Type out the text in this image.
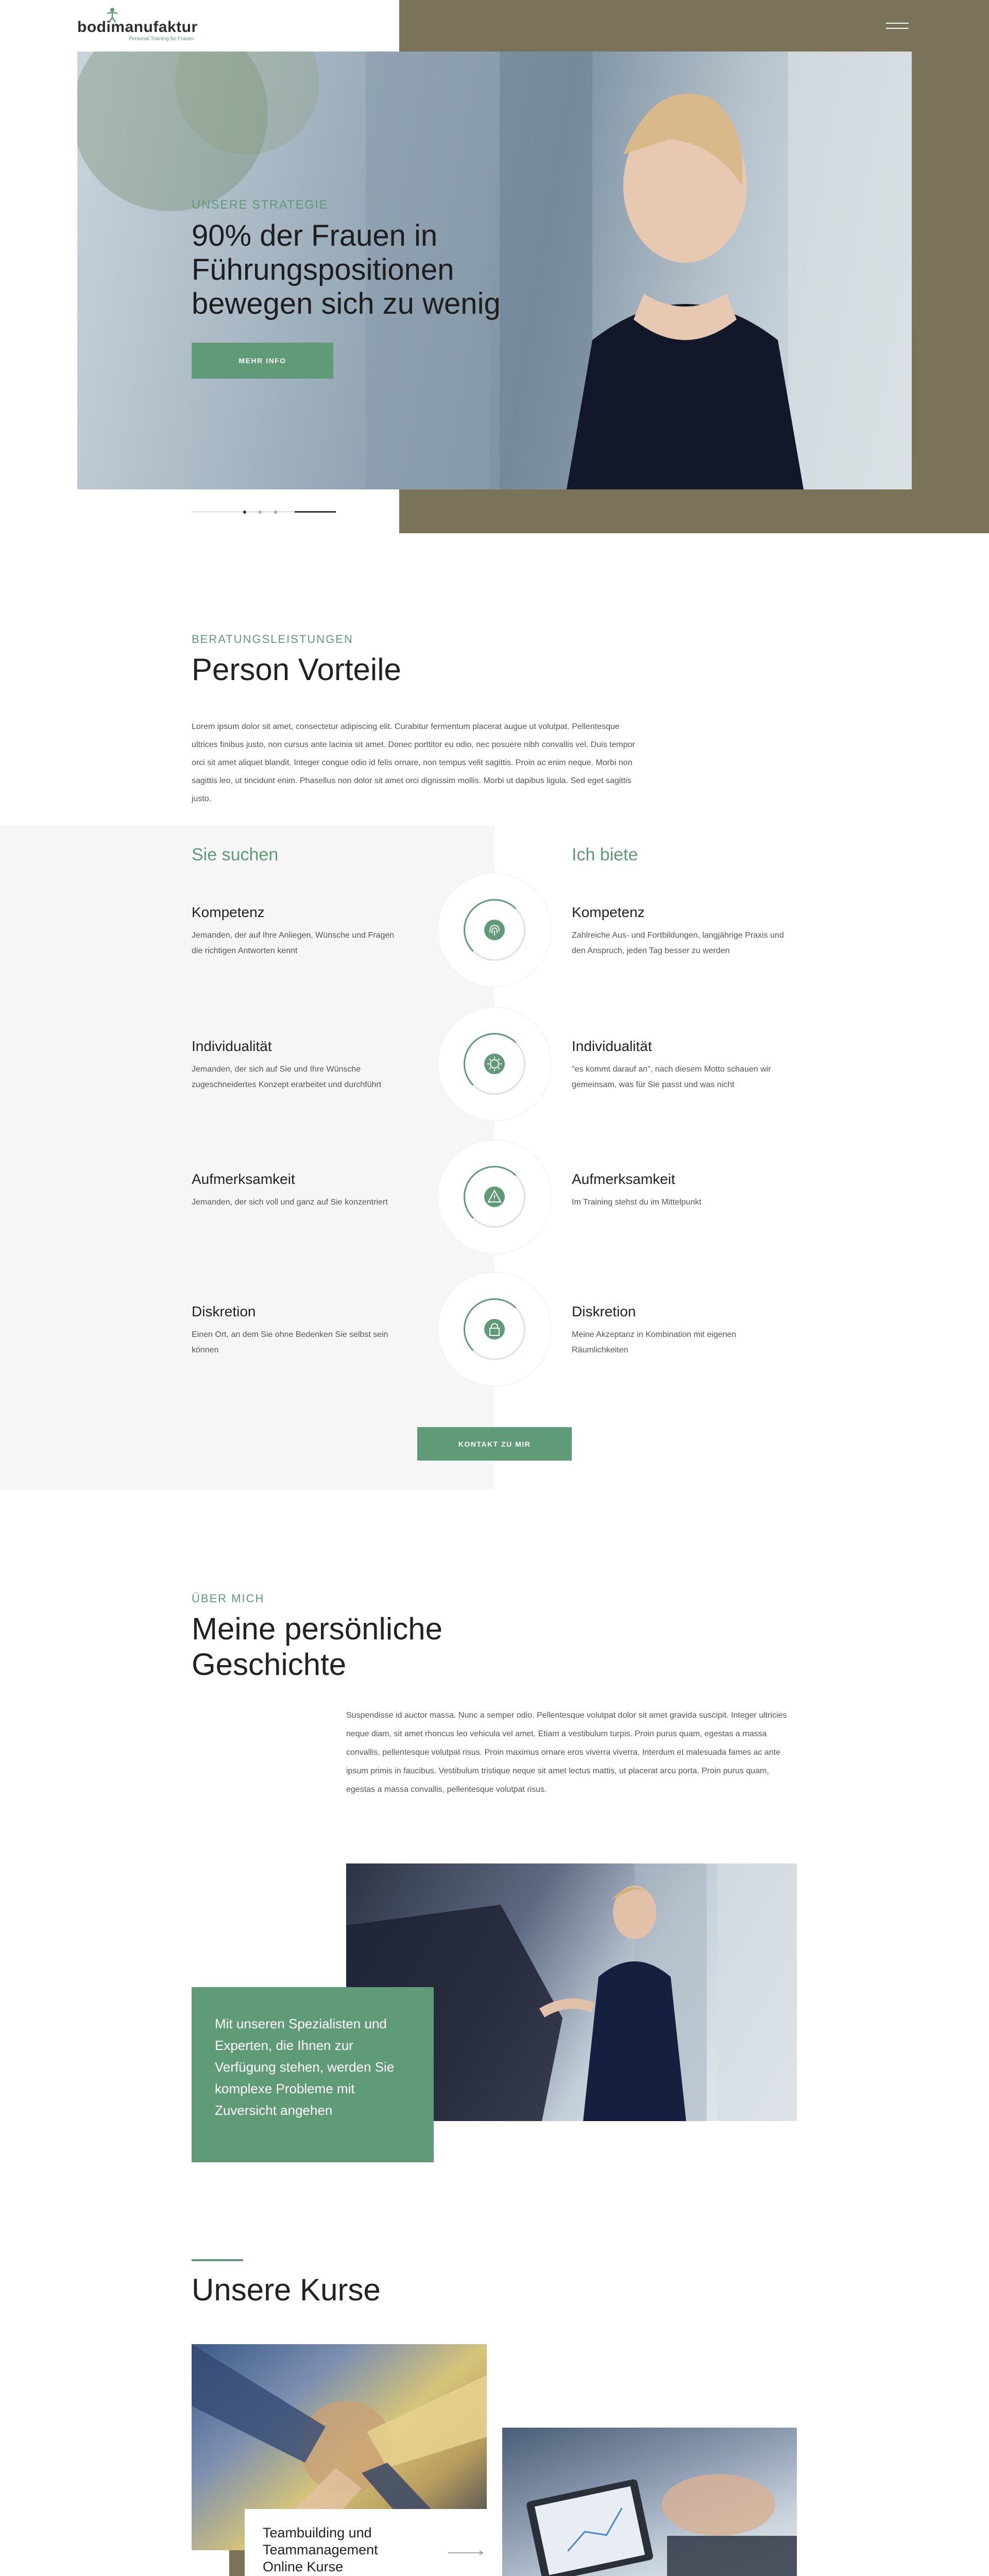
bodimanufaktur
Personal Training für Frauen
UNSERE STRATEGIE
90% der Frauen in Führungspositionen bewegen sich zu wenig
MEHR INFO
BERATUNGSLEISTUNGEN
Person Vorteile
Lorem ipsum dolor sit amet, consectetur adipiscing elit. Curabitur fermentum placerat augue ut volutpat. Pellentesque ultrices finibus justo, non cursus ante lacinia sit amet. Donec porttitor eu odio, nec posuere nibh convallis vel. Duis tempor orci sit amet aliquet blandit. Integer congue odio id felis ornare, non tempus velit sagittis. Proin ac enim neque. Morbi non sagittis leo, ut tincidunt enim. Phasellus non dolor sit amet orci dignissim mollis. Morbi ut dapibus ligula. Sed eget sagittis justo.
Sie suchen	Ich biete
Kompetenz
Jemanden, der auf Ihre Anliegen, Wünsche und Fragen die richtigen Antworten kennt
Kompetenz
Zahlreiche Aus- und Fortbildungen, langjährige Praxis und den Anspruch, jeden Tag besser zu werden
Individualität
Jemanden, der sich auf Sie und Ihre Wünsche zugeschneidertes Konzept erarbeitet und durchführt
Individualität
"es kommt darauf an", nach diesem Motto schauen wir gemeinsam, was für Sie passt und was nicht
Aufmerksamkeit
Jemanden, der sich voll und ganz auf Sie konzentriert
Aufmerksamkeit
Im Training stehst du im Mittelpunkt
Diskretion
Einen Ort, an dem Sie ohne Bedenken Sie selbst sein können
Diskretion
Meine Akzeptanz in Kombination mit eigenen Räumlichkeiten
KONTAKT ZU MIR
ÜBER MICH
Meine persönliche Geschichte
Suspendisse id auctor massa. Nunc a semper odio. Pellentesque volutpat dolor sit amet gravida suscipit. Integer ultricies neque diam, sit amet rhoncus leo vehicula vel amet. Etiam a vestibulum turpis. Proin purus quam, egestas a massa convallis, pellentesque volutpat risus. Proin maximus ornare eros viverra viverra. Interdum et malesuada fames ac ante ipsum primis in faucibus. Vestibulum tristique neque sit amet lectus mattis, ut placerat arcu porta. Proin purus quam, egestas a massa convallis, pellentesque volutpat risus.
Mit unseren Spezialisten und Experten, die Ihnen zur Verfügung stehen, werden Sie komplexe Probleme mit Zuversicht angehen
Unsere Kurse
Teambuilding und Teammanagement Online Kurse
